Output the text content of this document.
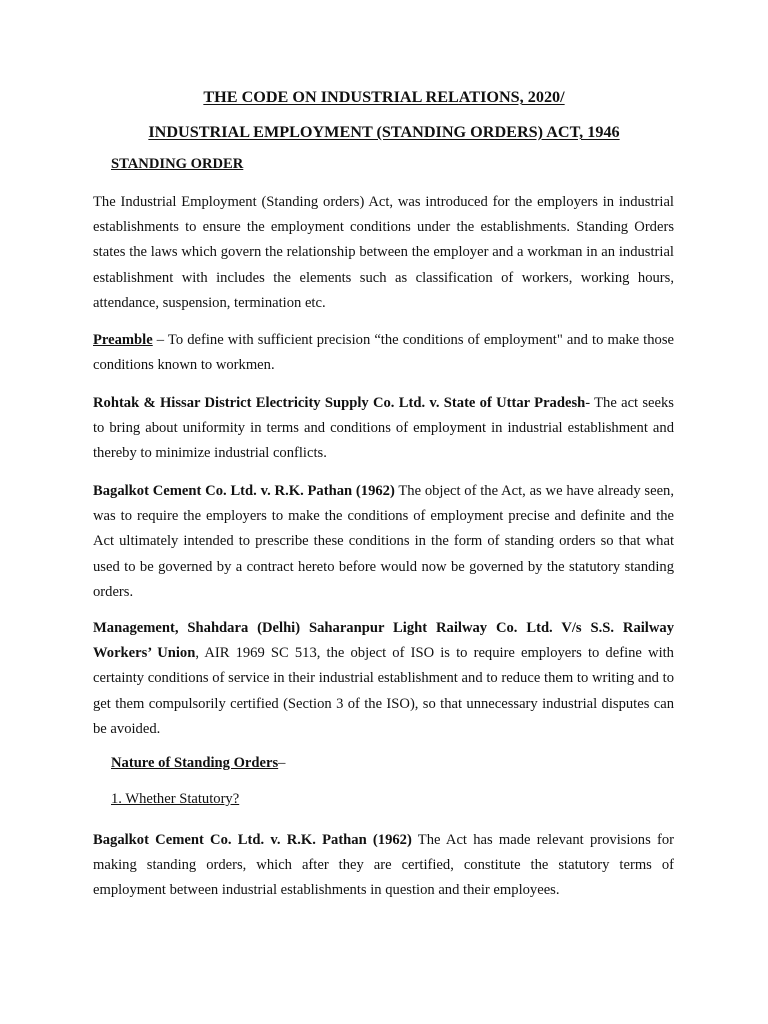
THE CODE ON INDUSTRIAL RELATIONS, 2020/
INDUSTRIAL EMPLOYMENT (STANDING ORDERS) ACT, 1946
STANDING ORDER
The Industrial Employment (Standing orders) Act, was introduced for the employers in industrial establishments to ensure the employment conditions under the establishments. Standing Orders states the laws which govern the relationship between the employer and a workman in an industrial establishment with includes the elements such as classification of workers, working hours, attendance, suspension, termination etc.
Preamble – To define with sufficient precision “the conditions of employment" and to make those conditions known to workmen.
Rohtak & Hissar District Electricity Supply Co. Ltd. v. State of Uttar Pradesh- The act seeks to bring about uniformity in terms and conditions of employment in industrial establishment and thereby to minimize industrial conflicts.
Bagalkot Cement Co. Ltd. v. R.K. Pathan (1962) The object of the Act, as we have already seen, was to require the employers to make the conditions of employment precise and definite and the Act ultimately intended to prescribe these conditions in the form of standing orders so that what used to be governed by a contract hereto before would now be governed by the statutory standing orders.
Management, Shahdara (Delhi) Saharanpur Light Railway Co. Ltd. V/s S.S. Railway Workers’ Union, AIR 1969 SC 513, the object of ISO is to require employers to define with certainty conditions of service in their industrial establishment and to reduce them to writing and to get them compulsorily certified (Section 3 of the ISO), so that unnecessary industrial disputes can be avoided.
Nature of Standing Orders–
1. Whether Statutory?
Bagalkot Cement Co. Ltd. v. R.K. Pathan (1962) The Act has made relevant provisions for making standing orders, which after they are certified, constitute the statutory terms of employment between industrial establishments in question and their employees.
